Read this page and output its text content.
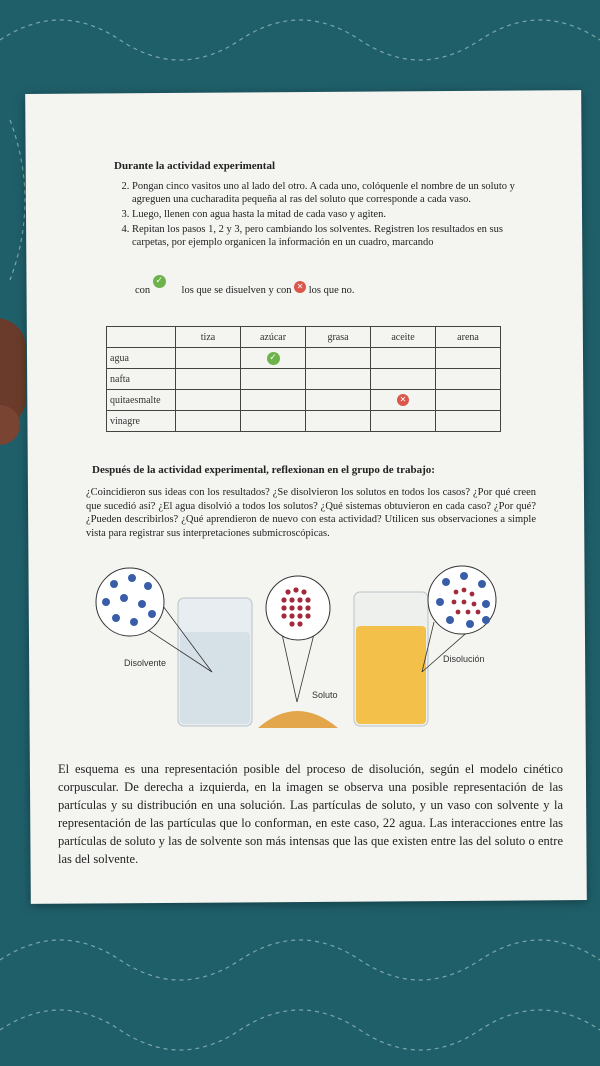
Durante la actividad experimental
2. Pongan cinco vasitos uno al lado del otro. A cada uno, colóquenle el nombre de un soluto y agreguen una cucharadita pequeña al ras del soluto que corresponde a cada vaso.
3. Luego, llenen con agua hasta la mitad de cada vaso y agiten.
4. Repitan los pasos 1, 2 y 3, pero cambiando los solventes. Registren los resultados en sus carpetas, por ejemplo organicen la información en un cuadro, marcando
con ✓      los que se disuelven y con ✕ los que no.
	tiza	azúcar	grasa	aceite	arena
agua		✓			
nafta					
quitaesmalte				✕	
vinagre					
Después de la actividad experimental, reflexionan en el grupo de trabajo:
¿Coincidieron sus ideas con los resultados? ¿Se disolvieron los solutos en todos los casos? ¿Por qué creen que sucedió así? ¿El agua disolvió a todos los solutos? ¿Qué sistemas obtuvieron en cada caso? ¿Por qué? ¿Pueden describirlos? ¿Qué aprendieron de nuevo con esta actividad? Utilicen sus observaciones a simple vista para registrar sus interpretaciones submicroscópicas.
Disolvente
Soluto
Disolución
El esquema es una representación posible del proceso de disolución, según el modelo cinético corpuscular. De derecha a izquierda, en la imagen se observa una posible representación de las partículas y su distribución en una solución. Las partículas de soluto, y un vaso con solvente y la representación de las partículas que lo conforman, en este caso, 22 agua. Las interacciones entre las partículas de soluto y las de solvente son más intensas que las que existen entre las del soluto o entre las del solvente.
